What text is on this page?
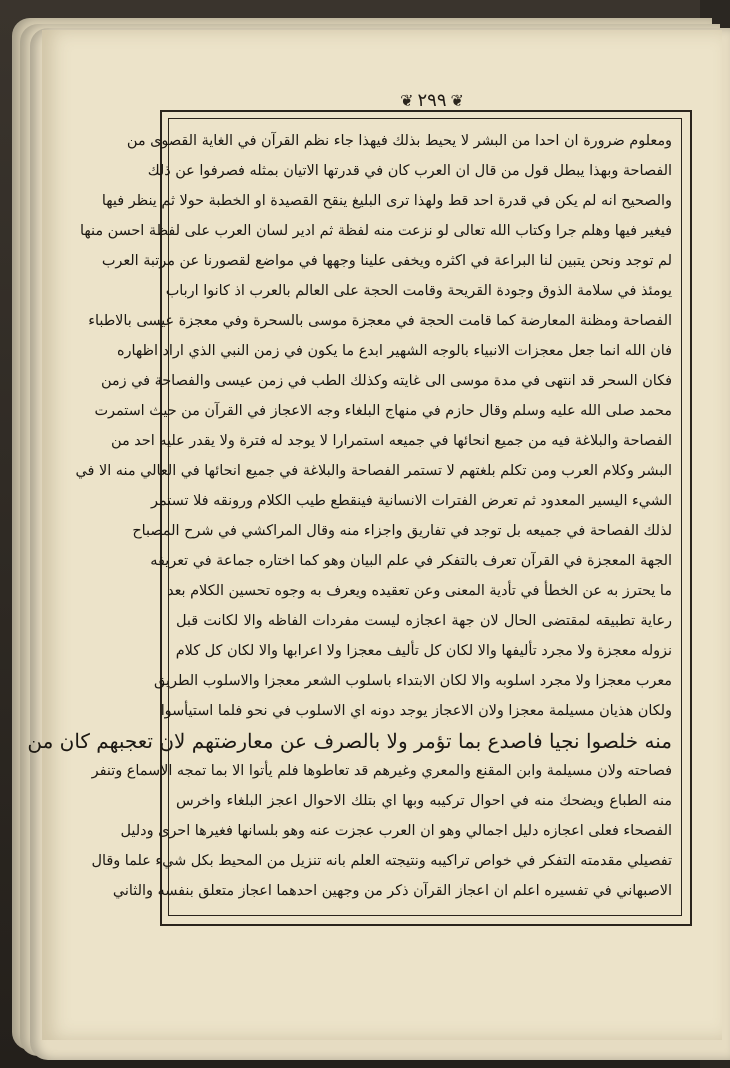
❦
٢٩٩
❦
ومعلوم ضرورة ان احدا من البشر لا يحيط بذلك فيهذا جاء نظم القرآن في الغاية القصوى من
الفصاحة وبهذا يبطل قول من قال ان العرب كان في قدرتها الاتيان بمثله فصرفوا عن ذلك
والصحيح انه لم يكن في قدرة احد قط ولهذا ترى البليغ ينقح القصيدة او الخطبة حولا ثم ينظر فيها
فيغير فيها وهلم جرا وكتاب الله تعالى لو نزعت منه لفظة ثم ادير لسان العرب على لفظة احسن منها
لم توجد ونحن يتبين لنا البراعة في اكثره ويخفى علينا وجهها في مواضع لقصورنا عن مرتبة العرب
يومئذ في سلامة الذوق وجودة القريحة وقامت الحجة على العالم بالعرب اذ كانوا ارباب
الفصاحة ومظنة المعارضة كما قامت الحجة في معجزة موسى بالسحرة وفي معجزة عيسى بالاطباء
فان الله انما جعل معجزات الانبياء بالوجه الشهير ابدع ما يكون في زمن النبي الذي اراد اظهاره
فكان السحر قد انتهى في مدة موسى الى غايته وكذلك الطب في زمن عيسى والفصاحة في زمن
محمد صلى الله عليه وسلم وقال حازم في منهاج البلغاء وجه الاعجاز في القرآن من حيث استمرت
الفصاحة والبلاغة فيه من جميع انحائها في جميعه استمرارا لا يوجد له فترة ولا يقدر عليه احد من
البشر وكلام العرب ومن تكلم بلغتهم لا تستمر الفصاحة والبلاغة في جميع انحائها في العالي منه الا في
الشيء اليسير المعدود ثم تعرض الفترات الانسانية فينقطع طيب الكلام ورونقه فلا تستمر
لذلك الفصاحة في جميعه بل توجد في تفاريق واجزاء منه وقال المراكشي في شرح المصباح
الجهة المعجزة في القرآن تعرف بالتفكر في علم البيان وهو كما اختاره جماعة في تعريفه
ما يحترز به عن الخطأ في تأدية المعنى وعن تعقيده ويعرف به وجوه تحسين الكلام بعد
رعاية تطبيقه لمقتضى الحال لان جهة اعجازه ليست مفردات الفاظه والا لكانت قبل
نزوله معجزة ولا مجرد تأليفها والا لكان كل تأليف معجزا ولا اعرابها والا لكان كل كلام
معرب معجزا ولا مجرد اسلوبه والا لكان الابتداء باسلوب الشعر معجزا والاسلوب الطريق
ولكان هذيان مسيلمة معجزا ولان الاعجاز يوجد دونه اي الاسلوب في نحو فلما استيأسوا
منه خلصوا نجيا فاصدع بما تؤمر ولا بالصرف عن معارضتهم لان تعجبهم كان من
فصاحته ولان مسيلمة وابن المقنع والمعري وغيرهم قد تعاطوها فلم يأتوا الا بما تمجه الاسماع وتنفر
منه الطباع ويضحك منه في احوال تركيبه وبها اي بتلك الاحوال اعجز البلغاء واخرس
الفصحاء فعلى اعجازه دليل اجمالي وهو ان العرب عجزت عنه وهو بلسانها فغيرها احرى ودليل
تفصيلي مقدمته التفكر في خواص تراكيبه ونتيجته العلم بانه تنزيل من المحيط بكل شيء علما وقال
الاصبهاني في تفسيره اعلم ان اعجاز القرآن ذكر من وجهين احدهما اعجاز متعلق بنفسه والثاني
